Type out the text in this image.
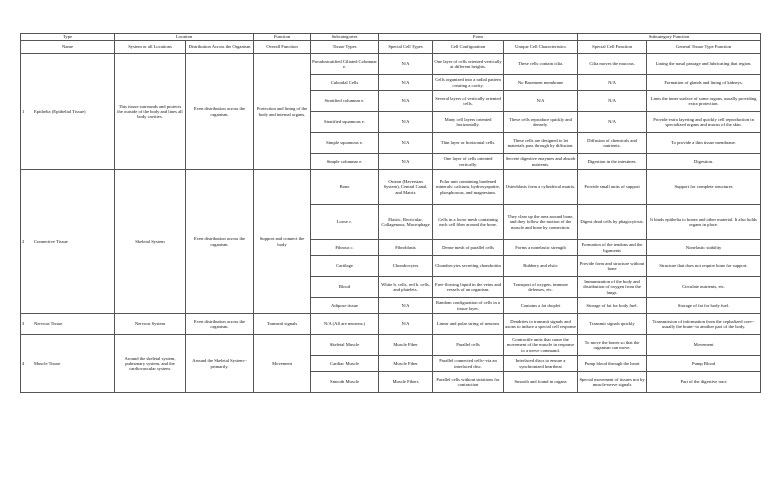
Type	Location		Function	Subcategories	Form			Subcategory Function	
Name	System or all Locations	Distribution Across the Organism	Overall Function	Tissue Types	Special Cell Types	Cell Configuration	Unique Cell Characteristics	Special Cell Function	General Tissue Type Function
1 Epithelia (Epithelial Tissue)	This tissue surrounds and protects the outside of the body and lines all body cavities.	Even distribution across the organism.	Protection and lining of the body and internal organs.	Pseudostratified Ciliated Columnar e.	N/A	One layer of cells oriented vertically at different heights.	These cells contain cilia.	Cilia moves the mucous.	Lining the nasal passage and lubricating that region.
				Cuboidal Cells	N/A	Cells organized into a radial pattern creating a cavity.	No Basement membrane	N/A	Formation of glands and lining of kidneys.
				Stratified columnar e.	N/A	Several layers of vertically oriented cells.	N/A	N/A	Lines the inner surface of some organs, usually providing extra protection.
				Stratified squamous e.	N/A	Many cell layers oriented horizontally.	These cells reproduce quickly and densely.	N/A	Provide extra layering and quickly cell reproduction in specialized organs and mucus of the skin.
				Simple squamous e.	N/A	Thin layer or horizontal cells.	These cells are designed to let materials pass through by diffusion.	Diffusion of chemicals and nutrients.	To provide a thin tissue membrane.
				Simple columnar e.	N/A	One layer of cells oriented vertically.	Secrete digestive enzymes and absorb nutrients.	Digestion in the intestines.	Digestion.
2 Connective Tissue	Skeletal System	Even distribution across the organism.	Support and connect the body	Bone	Osteon (Haversian System), Central Canal, and Matrix	Polar unit containing hardened minerals: calcium, hydroxyapatite, phosphorous, and magnesium.	Osteoblasts form a cylindrical matrix.	Provide small units of support	Support for complete structures
				Loose c.	Elastic, Recticular, Collagenous, Macrophage	Cells in a loose mesh containing each cell fiber around the bone.	They clear up the area around bone, and they follow the motion of the muscle and bone by connection.	Digest dead cells by phagocytosis.	It binds epithelia to bones and other material. It also holds organs in place.
				Fibrous c.	Fibroblasts	Dense mesh of parallel cells	Forms a nonelastic strength	Formation of the tendons and the ligaments	Nonelastic stability
				Cartilage	Chondrocytes	Chondrocytes secreting chondroitin	Rubbery and elstic	Provide form and structure without bone	Structure that does not require bone for support.
				Blood	White b. cells, red b. cells, and platelets.	Free-flowing liquid in the veins and vessels of an organism.	Transport of oxygen, immune defenses, etc.	Immunization of the body and distribution of oxygen from the lungs.	Circulate nutrients, etc.
				Adipose tissue	N/A	Random configuration of cells in a tissue layer.	Contains a fat droplet	Storage of fat for body fuel.	Storage of fat for body fuel.
3 Nervous Tissue	Nervous System	Even distribution across the organism.	Transmit signals	N/A (All are neurons.)	N/A	Linear and polar string of neurons	Dendrites to transmit signals and axons to induce a special cell response	Transmit signals quickly	Transmission of information from the cephalized core--usually the brain--to another part of the body.
4 Muscle Tissue	Around the skeletal system, pulmonary system, and the cardiovascular system.	Around the Skeletal System--primarily.	Movement	Skeletal Muscle	Muscle Fiber	Parallel cells	Contractile units that cause the movement of the muscle in response to a nerve command.	To move the bones so that the organism can move.	Movement
				Cardiac Muscle	Muscle Fiber	Parallel connected cells--via an interlaced disc.	Interlaced discs to ensure a synchronized heartbeat	Pump blood through the heart	Pump Blood
				Smooth Muscle	Muscle Fibers	Parallel cells without striations for contraction	Smooth and found in organs	Special movement of tissues not by muscle-nerve signals	Part of the digestive tract
